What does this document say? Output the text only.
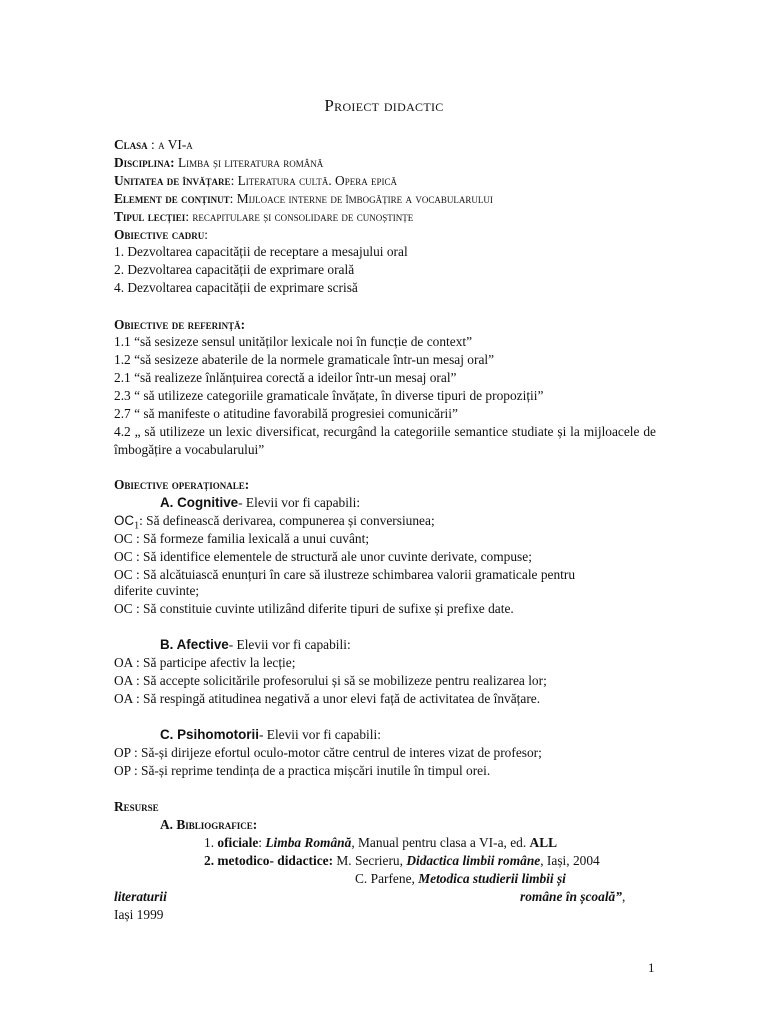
Proiect didactic
Clasa : a VI-a
Disciplina: Limba și literatura română
Unitatea de învățare: Literatura cultă. Opera epică
Element de conținut: Mijloace interne de îmbogățire a vocabularului
Tipul lecției: recapitulare și consolidare de cunoștințe
Obiective cadru:
1. Dezvoltarea capacității de receptare a mesajului oral
2. Dezvoltarea capacității de exprimare orală
4. Dezvoltarea capacității de exprimare scrisă
Obiective de referință:
1.1 “să sesizeze sensul unităților lexicale noi în funcție de context”
1.2 “să sesizeze abaterile de la normele gramaticale într-un mesaj oral”
2.1 “să realizeze înlănțuirea corectă a ideilor într-un mesaj oral”
2.3 “ să utilizeze categoriile gramaticale învățate, în diverse tipuri de propoziții”
2.7 “ să manifeste o atitudine favorabilă progresiei comunicării”
4.2 „ să utilizeze un lexic diversificat, recurgând la categoriile semantice studiate și la mijloacele de îmbogățire a vocabularului”
Obiective operaționale:
A. Cognitive- Elevii vor fi capabili:
$OC_1$: Să definească derivarea, compunerea și conversiunea;
OC : Să formeze familia lexicală a unui cuvânt;
OC : Să identifice elementele de structură ale unor cuvinte derivate, compuse;
OC : Să alcătuiască enunțuri în care să ilustreze schimbarea valorii gramaticale pentru
diferite cuvinte;
OC : Să constituie cuvinte utilizând diferite tipuri de sufixe și prefixe date.
B. Afective- Elevii vor fi capabili:
OA : Să participe afectiv la lecție;
OA : Să accepte solicitările profesorului și să se mobilizeze pentru realizarea lor;
OA : Să respingă atitudinea negativă a unor elevi față de activitatea de învățare.
C. Psihomotorii- Elevii vor fi capabili:
OP : Să-și dirijeze efortul oculo-motor către centrul de interes vizat de profesor;
OP : Să-și reprime tendința de a practica mișcări inutile în timpul orei.
Resurse
A. Bibliografice:
1. oficiale: Limba Română, Manual pentru clasa a VI-a, ed. ALL
2. metodico- didactice: M. Secrieru, Didactica limbii române, Iași, 2004
C. Parfene, Metodica studierii limbii și
literaturii	române în școală”,
Iași 1999
1
